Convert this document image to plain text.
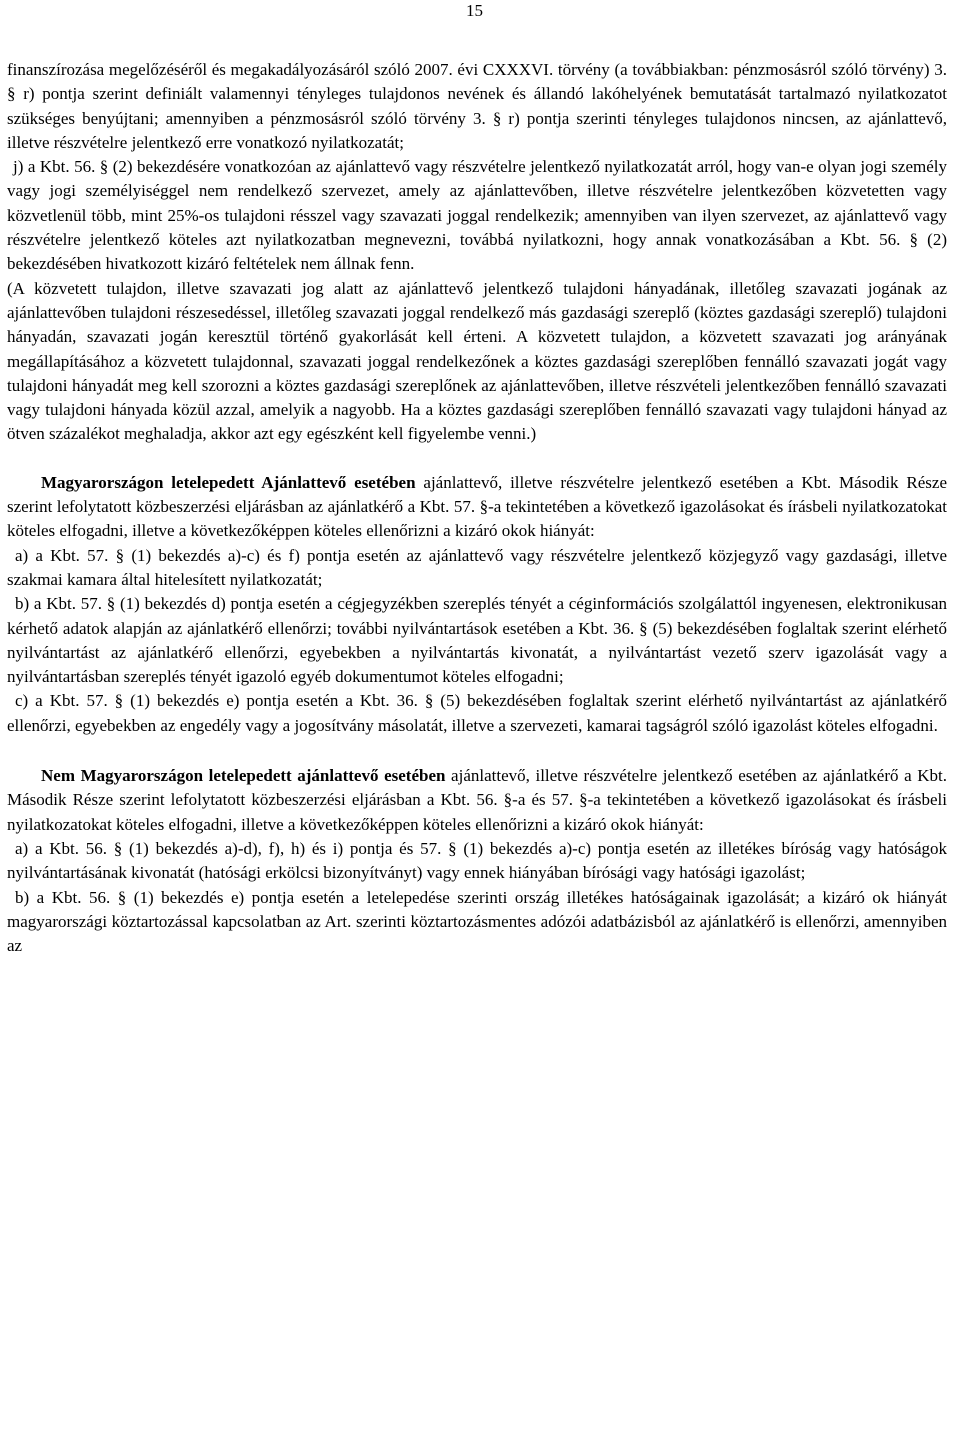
15

finanszírozása megelőzéséről és megakadályozásáról szóló 2007. évi CXXXVI. törvény (a továbbiakban: pénzmosásról szóló törvény) 3. § r) pontja szerint definiált valamennyi tényleges tulajdonos nevének és állandó lakóhelyének bemutatását tartalmazó nyilatkozatot szükséges benyújtani; amennyiben a pénzmosásról szóló törvény 3. § r) pontja szerinti tényleges tulajdonos nincsen, az ajánlattevő, illetve részvételre jelentkező erre vonatkozó nyilatkozatát;

j) a Kbt. 56. § (2) bekezdésére vonatkozóan az ajánlattevő vagy részvételre jelentkező nyilatkozatát arról, hogy van-e olyan jogi személy vagy jogi személyiséggel nem rendelkező szervezet, amely az ajánlattevőben, illetve részvételre jelentkezőben közvetetten vagy közvetlenül több, mint 25%-os tulajdoni résszel vagy szavazati joggal rendelkezik; amennyiben van ilyen szervezet, az ajánlattevő vagy részvételre jelentkező köteles azt nyilatkozatban megnevezni, továbbá nyilatkozni, hogy annak vonatkozásában a Kbt. 56. § (2) bekezdésében hivatkozott kizáró feltételek nem állnak fenn.

(A közvetett tulajdon, illetve szavazati jog alatt az ajánlattevő jelentkező tulajdoni hányadának, illetőleg szavazati jogának az ajánlattevőben tulajdoni részesedéssel, illetőleg szavazati joggal rendelkező más gazdasági szereplő (köztes gazdasági szereplő) tulajdoni hányadán, szavazati jogán keresztül történő gyakorlását kell érteni. A közvetett tulajdon, a közvetett szavazati jog arányának megállapításához a közvetett tulajdonnal, szavazati joggal rendelkezőnek a köztes gazdasági szereplőben fennálló szavazati jogát vagy tulajdoni hányadát meg kell szorozni a köztes gazdasági szereplőnek az ajánlattevőben, illetve részvételi jelentkezőben fennálló szavazati vagy tulajdoni hányada közül azzal, amelyik a nagyobb. Ha a köztes gazdasági szereplőben fennálló szavazati vagy tulajdoni hányad az ötven százalékot meghaladja, akkor azt egy egészként kell figyelembe venni.)

Magyarországon letelepedett Ajánlattevő esetében ajánlattevő, illetve részvételre jelentkező esetében a Kbt. Második Része szerint lefolytatott közbeszerzési eljárásban az ajánlatkérő a Kbt. 57. §-a tekintetében a következő igazolásokat és írásbeli nyilatkozatokat köteles elfogadni, illetve a következőképpen köteles ellenőrizni a kizáró okok hiányát:

a) a Kbt. 57. § (1) bekezdés a)-c) és f) pontja esetén az ajánlattevő vagy részvételre jelentkező közjegyző vagy gazdasági, illetve szakmai kamara által hitelesített nyilatkozatát;

b) a Kbt. 57. § (1) bekezdés d) pontja esetén a cégjegyzékben szereplés tényét a céginformációs szolgálattól ingyenesen, elektronikusan kérhető adatok alapján az ajánlatkérő ellenőrzi; további nyilvántartások esetében a Kbt. 36. § (5) bekezdésében foglaltak szerint elérhető nyilvántartást az ajánlatkérő ellenőrzi, egyebekben a nyilvántartás kivonatát, a nyilvántartást vezető szerv igazolását vagy a nyilvántartásban szereplés tényét igazoló egyéb dokumentumot köteles elfogadni;

c) a Kbt. 57. § (1) bekezdés e) pontja esetén a Kbt. 36. § (5) bekezdésében foglaltak szerint elérhető nyilvántartást az ajánlatkérő ellenőrzi, egyebekben az engedély vagy a jogosítvány másolatát, illetve a szervezeti, kamarai tagságról szóló igazolást köteles elfogadni.

Nem Magyarországon letelepedett ajánlattevő esetében ajánlattevő, illetve részvételre jelentkező esetében az ajánlatkérő a Kbt. Második Része szerint lefolytatott közbeszerzési eljárásban a Kbt. 56. §-a és 57. §-a tekintetében a következő igazolásokat és írásbeli nyilatkozatokat köteles elfogadni, illetve a következőképpen köteles ellenőrizni a kizáró okok hiányát:

a) a Kbt. 56. § (1) bekezdés a)-d), f), h) és i) pontja és 57. § (1) bekezdés a)-c) pontja esetén az illetékes bíróság vagy hatóságok nyilvántartásának kivonatát (hatósági erkölcsi bizonyítványt) vagy ennek hiányában bírósági vagy hatósági igazolást;

b) a Kbt. 56. § (1) bekezdés e) pontja esetén a letelepedése szerinti ország illetékes hatóságainak igazolását; a kizáró ok hiányát magyarországi köztartozással kapcsolatban az Art. szerinti köztartozásmentes adózói adatbázisból az ajánlatkérő is ellenőrzi, amennyiben az
